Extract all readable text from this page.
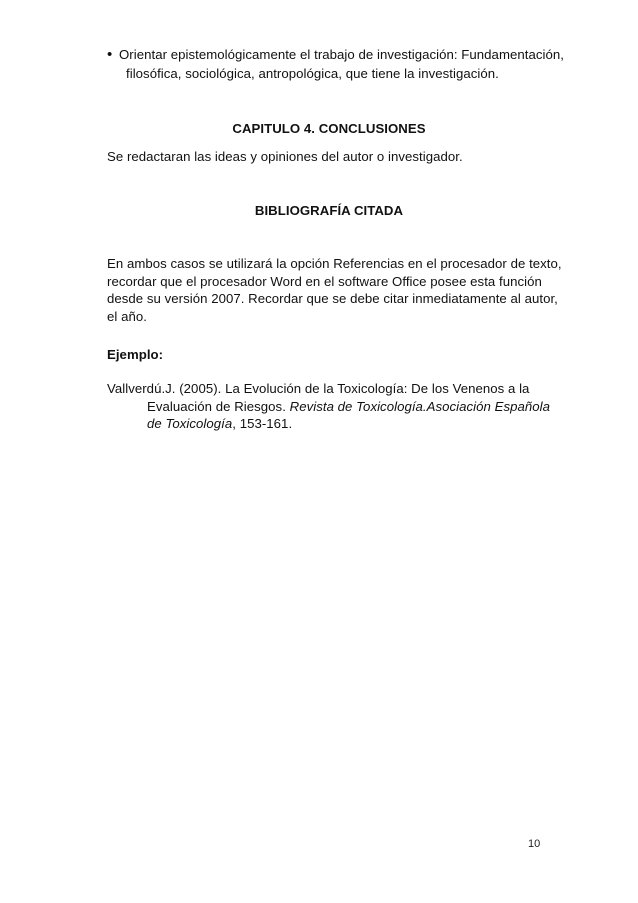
• Orientar epistemológicamente el trabajo de investigación: Fundamentación,
filosófica, sociológica, antropológica, que tiene la investigación.
CAPITULO 4. CONCLUSIONES
Se redactaran las ideas y opiniones del autor o investigador.
BIBLIOGRAFÍA CITADA
En ambos casos se utilizará la opción Referencias en el procesador de texto,
recordar que el procesador Word en el software Office posee esta función
desde su versión 2007. Recordar que se debe citar inmediatamente al autor,
el año.
Ejemplo:
Vallverdú.J. (2005). La Evolución de la Toxicología: De los Venenos a la
Evaluación de Riesgos. Revista de Toxicología.Asociación Española
de Toxicología, 153-161.
10
